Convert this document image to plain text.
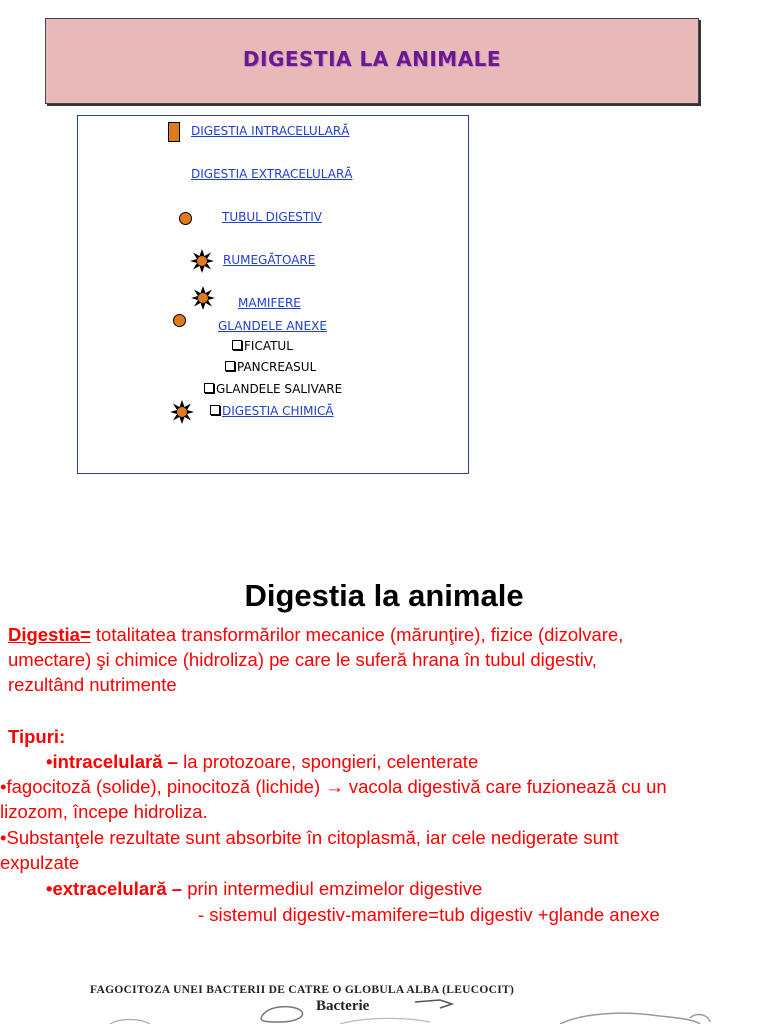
DIGESTIA LA ANIMALE
DIGESTIA INTRACELULARĂ
DIGESTIA EXTRACELULARĂ
TUBUL DIGESTIV
RUMEGĂTOARE
MAMIFERE
GLANDELE ANEXE
FICATUL
PANCREASUL
GLANDELE SALIVARE
DIGESTIA CHIMICĂ
Digestia la animale
Digestia= totalitatea transformărilor mecanice (mărunţire), fizice (dizolvare,
umectare) şi chimice (hidroliza) pe care le suferă hrana în tubul digestiv,
rezultând nutrimente
Tipuri:
•intracelulară – la protozoare, spongieri, celenterate
•fagocitoză (solide), pinocitoză (lichide) → vacola digestivă care fuzionează cu un
lizozom, începe hidroliza.
•Substanţele rezultate sunt absorbite în citoplasmă, iar cele nedigerate sunt
expulzate
•extracelulară – prin intermediul emzimelor digestive
- sistemul digestiv-mamifere=tub digestiv +glande anexe
FAGOCITOZA UNEI BACTERII DE CATRE O GLOBULA ALBA (LEUCOCIT)
Bacterie
